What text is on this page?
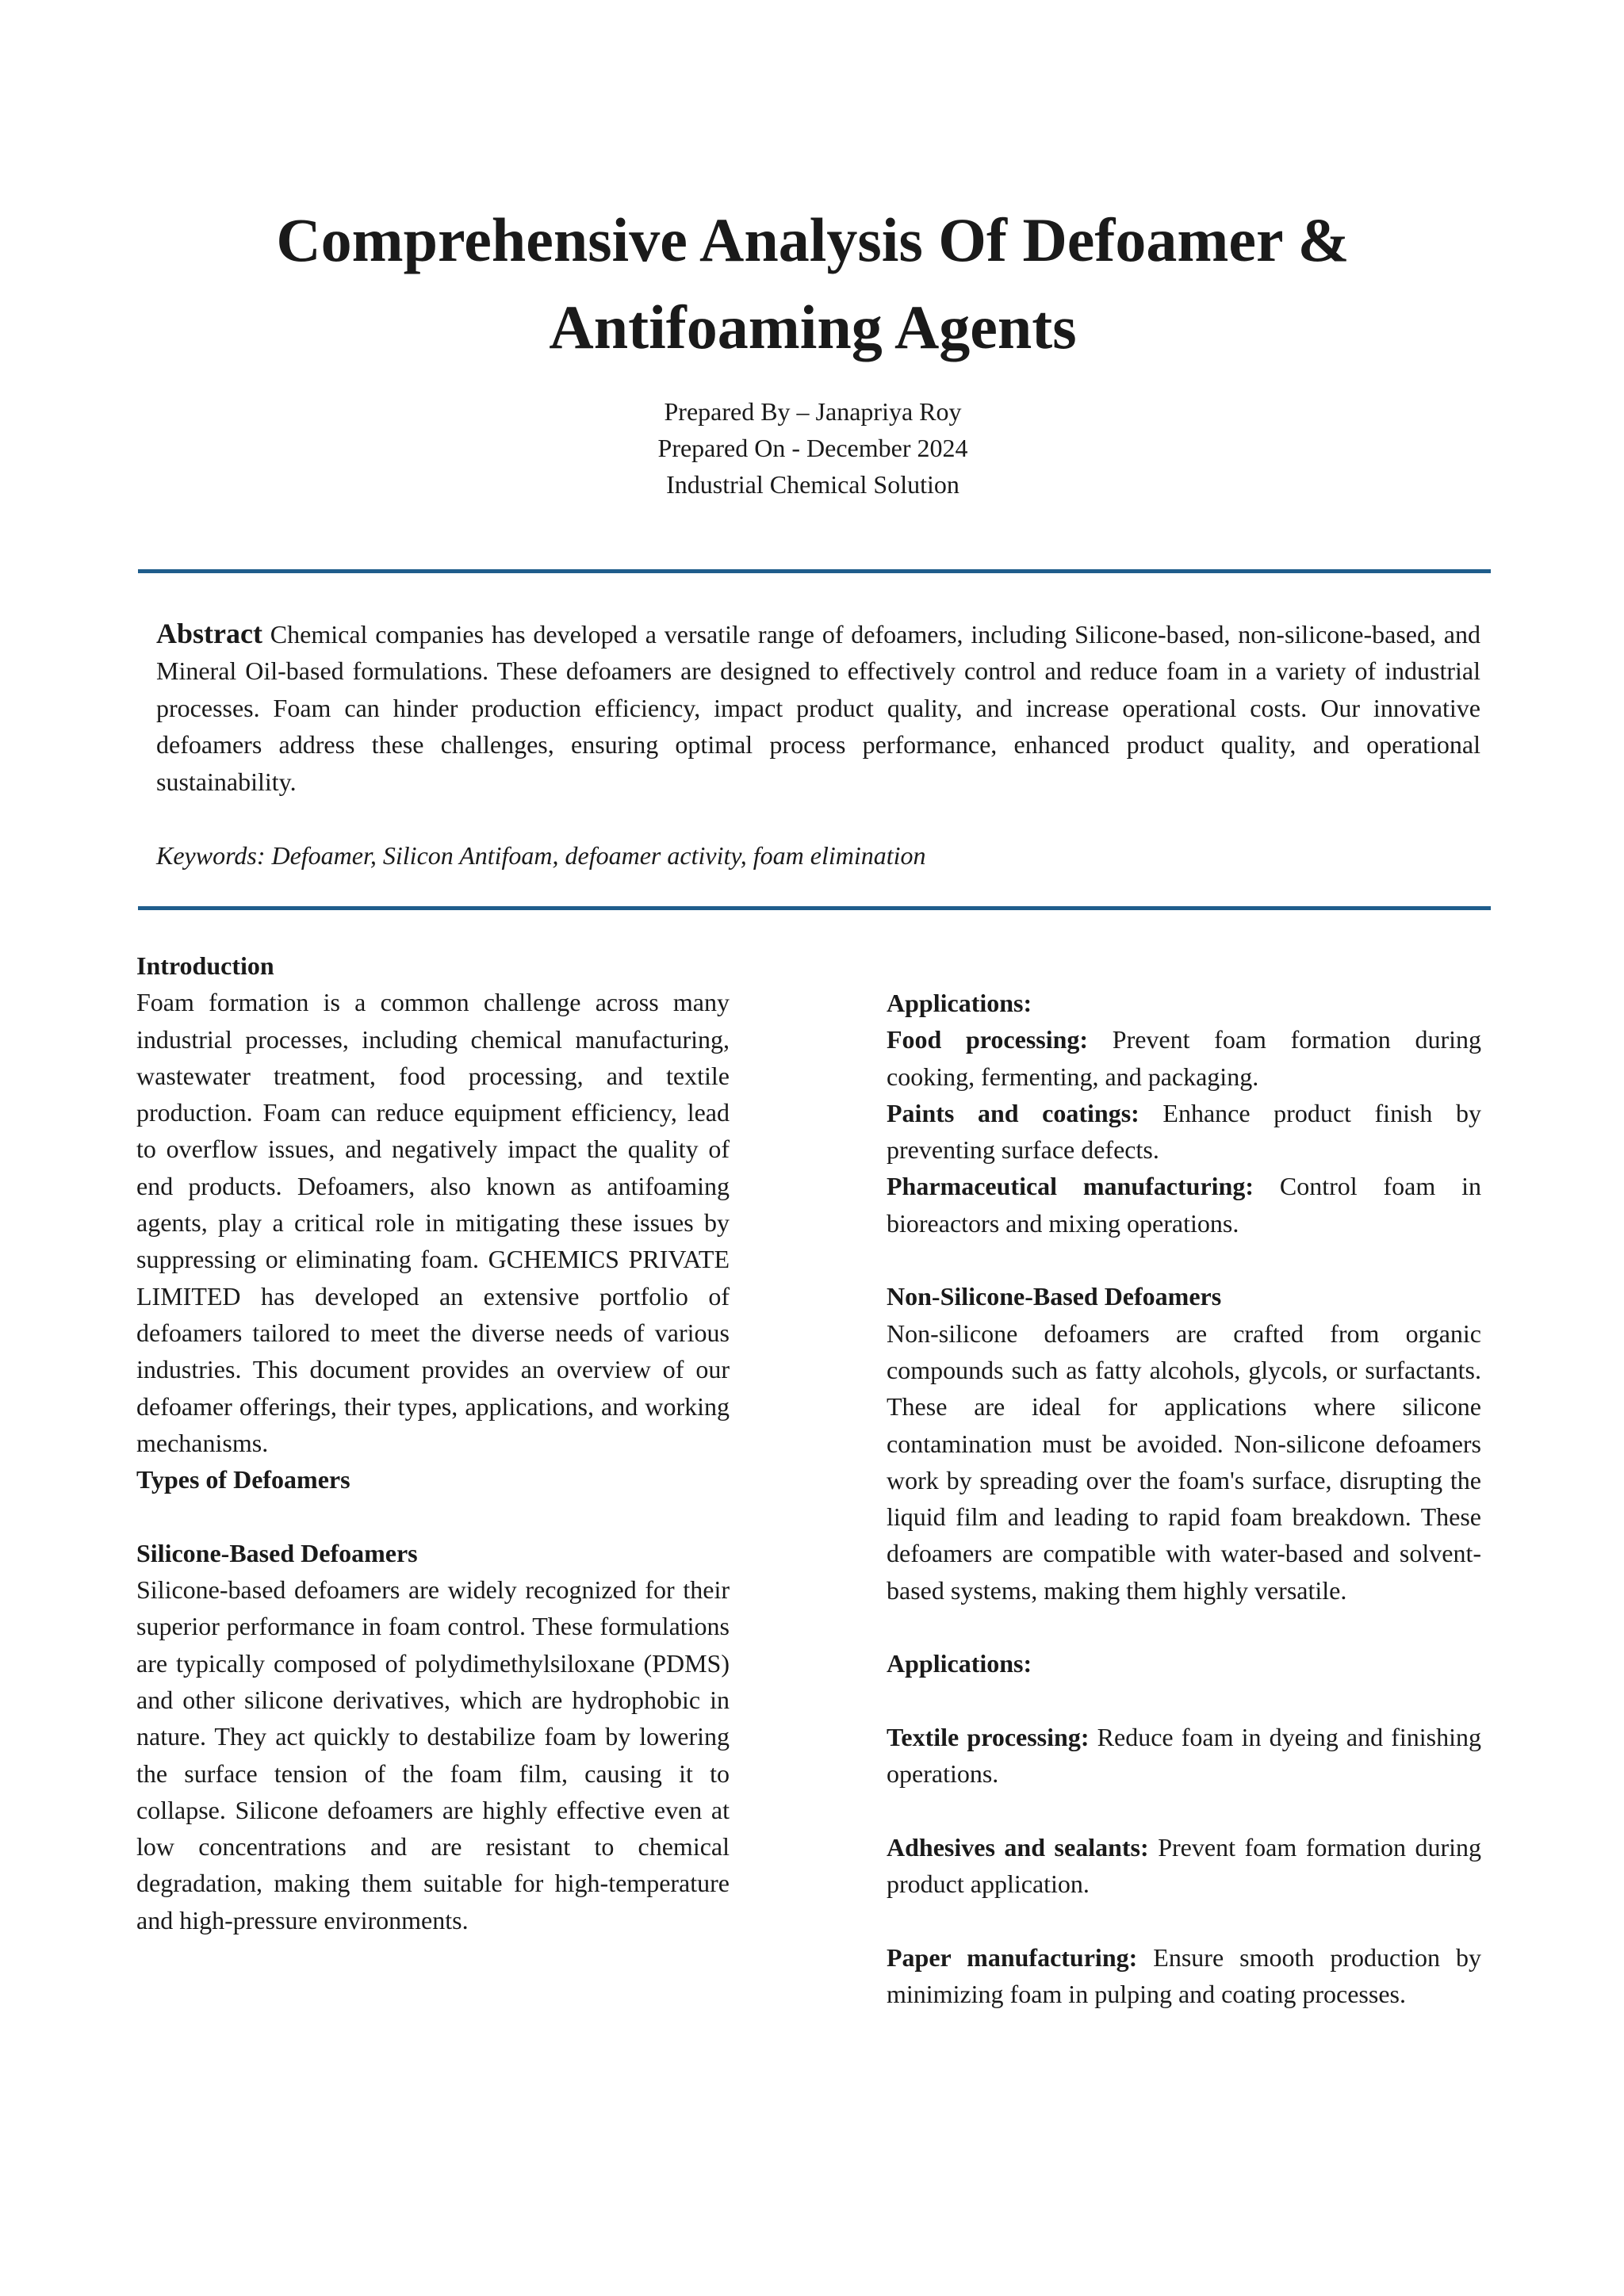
Comprehensive Analysis Of Defoamer &
Antifoaming Agents
Prepared By – Janapriya Roy
Prepared On - December 2024
Industrial Chemical Solution

Abstract Chemical companies has developed a versatile range of defoamers, including Silicone-based, non-silicone-based, and Mineral Oil-based formulations. These defoamers are designed to effectively control and reduce foam in a variety of industrial processes. Foam can hinder production efficiency, impact product quality, and increase operational costs. Our innovative defoamers address these challenges, ensuring optimal process performance, enhanced product quality, and operational sustainability.

Keywords: Defoamer, Silicon Antifoam, defoamer activity, foam elimination

Introduction

Foam formation is a common challenge across many industrial processes, including chemical manufacturing, wastewater treatment, food processing, and textile production. Foam can reduce equipment efficiency, lead to overflow issues, and negatively impact the quality of end products. Defoamers, also known as antifoaming agents, play a critical role in mitigating these issues by suppressing or eliminating foam. GCHEMICS PRIVATE LIMITED has developed an extensive portfolio of defoamers tailored to meet the diverse needs of various industries. This document provides an overview of our defoamer offerings, their types, applications, and working mechanisms.

Types of Defoamers
Silicone-Based Defoamers

Silicone-based defoamers are widely recognized for their superior performance in foam control. These formulations are typically composed of polydimethylsiloxane (PDMS) and other silicone derivatives, which are hydrophobic in nature. They act quickly to destabilize foam by lowering the surface tension of the foam film, causing it to collapse. Silicone defoamers are highly effective even at low concentrations and are resistant to chemical degradation, making them suitable for high-temperature and high-pressure environments.

Applications:

Food processing: Prevent foam formation during cooking, fermenting, and packaging.

Paints and coatings: Enhance product finish by preventing surface defects.

Pharmaceutical manufacturing: Control foam in bioreactors and mixing operations.

Non-Silicone-Based Defoamers

Non-silicone defoamers are crafted from organic compounds such as fatty alcohols, glycols, or surfactants. These are ideal for applications where silicone contamination must be avoided. Non-silicone defoamers work by spreading over the foam's surface, disrupting the liquid film and leading to rapid foam breakdown. These defoamers are compatible with water-based and solvent-based systems, making them highly versatile.

Applications:

Textile processing: Reduce foam in dyeing and finishing operations.

Adhesives and sealants: Prevent foam formation during product application.

Paper manufacturing: Ensure smooth production by minimizing foam in pulping and coating processes.
